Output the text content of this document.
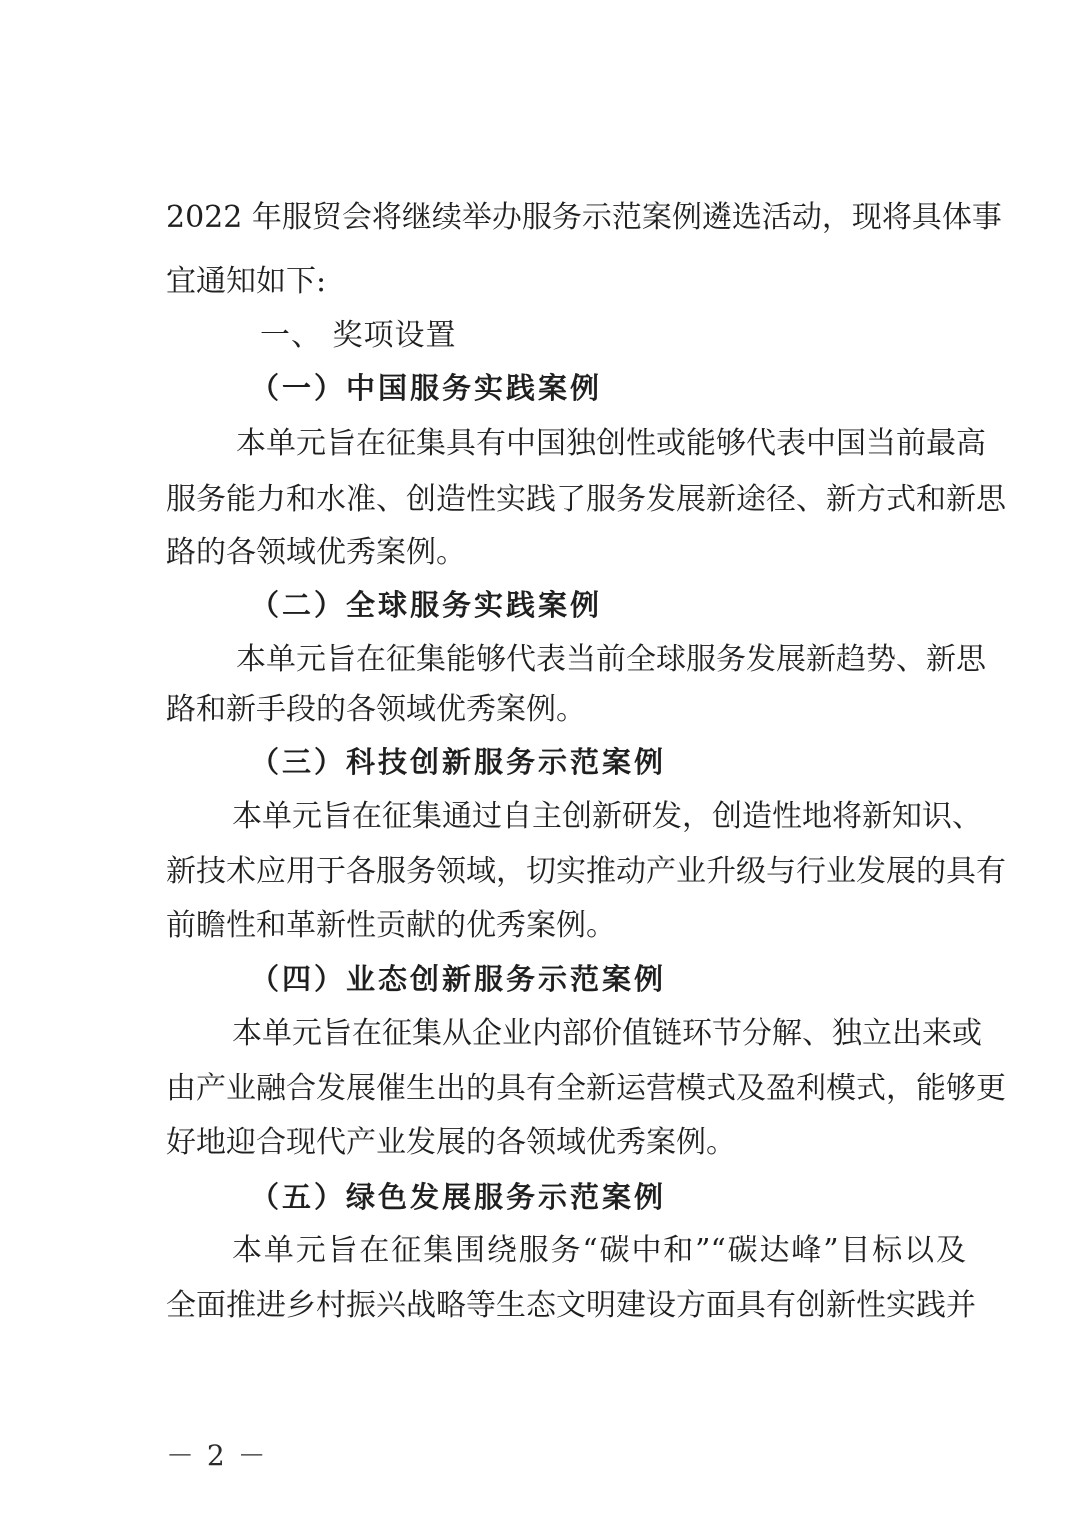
2022 年服贸会将继续举办服务示范案例遴选活动，现将具体事
宜通知如下:
一、 奖项设置
（一）中国服务实践案例
本单元旨在征集具有中国独创性或能够代表中国当前最高
服务能力和水准、创造性实践了服务发展新途径、新方式和新思
路的各领域优秀案例。
（二）全球服务实践案例
本单元旨在征集能够代表当前全球服务发展新趋势、新思
路和新手段的各领域优秀案例。
（三）科技创新服务示范案例
本单元旨在征集通过自主创新研发，创造性地将新知识、
新技术应用于各服务领域，切实推动产业升级与行业发展的具有
前瞻性和革新性贡献的优秀案例。
（四）业态创新服务示范案例
本单元旨在征集从企业内部价值链环节分解、独立出来或
由产业融合发展催生出的具有全新运营模式及盈利模式，能够更
好地迎合现代产业发展的各领域优秀案例。
（五）绿色发展服务示范案例
本单元旨在征集围绕服务“碳中和”“碳达峰”目标以及
全面推进乡村振兴战略等生态文明建设方面具有创新性实践并
－ 2 －
